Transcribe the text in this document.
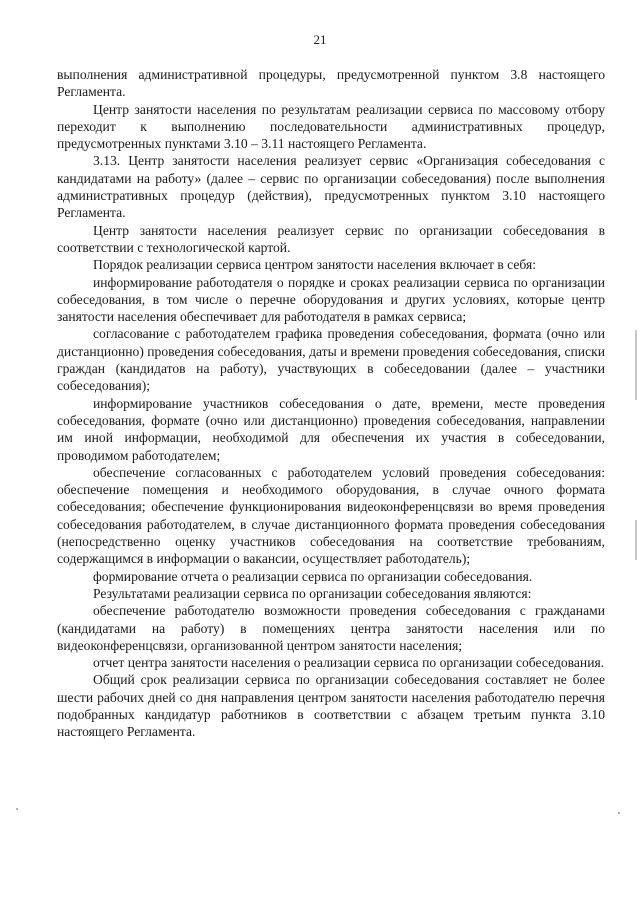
21

выполнения административной процедуры, предусмотренной пунктом 3.8 настоящего Регламента.

Центр занятости населения по результатам реализации сервиса по массовому отбору переходит к выполнению последовательности административных процедур, предусмотренных пунктами 3.10 – 3.11 настоящего Регламента.

3.13. Центр занятости населения реализует сервис «Организация собеседования с кандидатами на работу» (далее – сервис по организации собеседования) после выполнения административных процедур (действия), предусмотренных пунктом 3.10 настоящего Регламента.

Центр занятости населения реализует сервис по организации собеседования в соответствии с технологической картой.

Порядок реализации сервиса центром занятости населения включает в себя:

информирование работодателя о порядке и сроках реализации сервиса по организации собеседования, в том числе о перечне оборудования и других условиях, которые центр занятости населения обеспечивает для работодателя в рамках сервиса;

согласование с работодателем графика проведения собеседования, формата (очно или дистанционно) проведения собеседования, даты и времени проведения собеседования, списки граждан (кандидатов на работу), участвующих в собеседовании (далее – участники собеседования);

информирование участников собеседования о дате, времени, месте проведения собеседования, формате (очно или дистанционно) проведения собеседования, направлении им иной информации, необходимой для обеспечения их участия в собеседовании, проводимом работодателем;

обеспечение согласованных с работодателем условий проведения собеседования: обеспечение помещения и необходимого оборудования, в случае очного формата собеседования; обеспечение функционирования видеоконференцсвязи во время проведения собеседования работодателем, в случае дистанционного формата проведения собеседования (непосредственно оценку участников собеседования на соответствие требованиям, содержащимся в информации о вакансии, осуществляет работодатель);

формирование отчета о реализации сервиса по организации собеседования.

Результатами реализации сервиса по организации собеседования являются:

обеспечение работодателю возможности проведения собеседования с гражданами (кандидатами на работу) в помещениях центра занятости населения или по видеоконференцсвязи, организованной центром занятости населения;

отчет центра занятости населения о реализации сервиса по организации собеседования.

Общий срок реализации сервиса по организации собеседования составляет не более шести рабочих дней со дня направления центром занятости населения работодателю перечня подобранных кандидатур работников в соответствии с абзацем третьим пункта 3.10 настоящего Регламента.
